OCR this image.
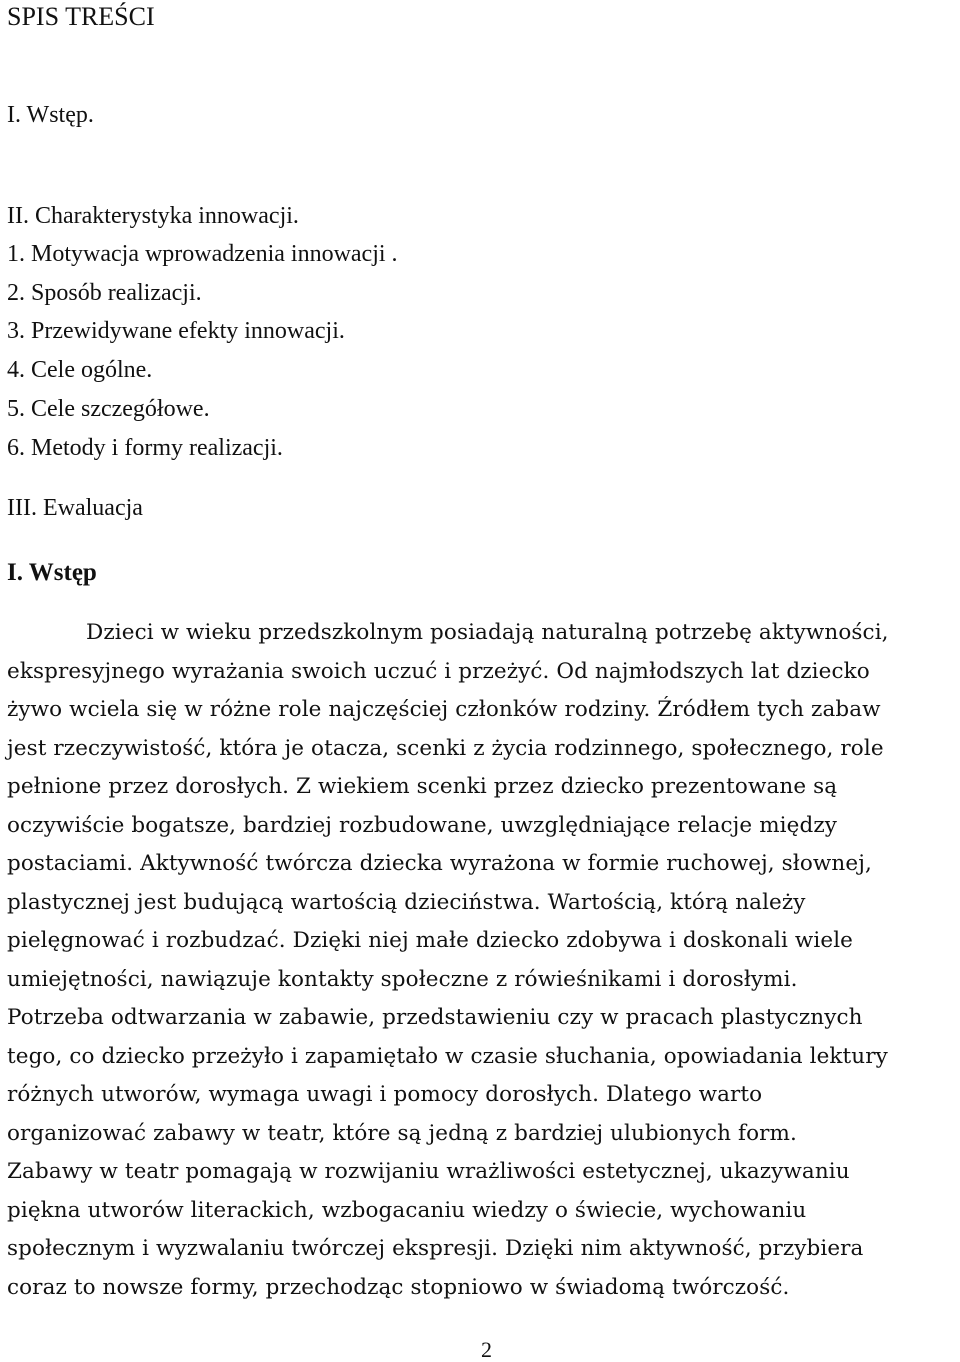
SPIS TREŚCI
I. Wstęp.
II. Charakterystyka innowacji.
1. Motywacja wprowadzenia innowacji .
2. Sposób realizacji.
3. Przewidywane efekty innowacji.
4. Cele ogólne.
5. Cele szczegółowe.
6. Metody i formy realizacji.
III. Ewaluacja
I. Wstęp
Dzieci w wieku przedszkolnym posiadają naturalną potrzebę aktywności,
ekspresyjnego wyrażania swoich uczuć i przeżyć. Od najmłodszych lat dziecko
żywo wciela się w różne role najczęściej członków rodziny. Źródłem tych zabaw
jest rzeczywistość, która je otacza, scenki z życia rodzinnego, społecznego, role
pełnione przez dorosłych. Z wiekiem scenki przez dziecko prezentowane są
oczywiście bogatsze, bardziej rozbudowane, uwzględniające relacje między
postaciami. Aktywność twórcza dziecka wyrażona w formie ruchowej, słownej,
plastycznej jest budującą wartością dzieciństwa. Wartością, którą należy
pielęgnować i rozbudzać. Dzięki niej małe dziecko zdobywa i doskonali wiele
umiejętności, nawiązuje kontakty społeczne z rówieśnikami i dorosłymi.
Potrzeba odtwarzania w zabawie, przedstawieniu czy w pracach plastycznych
tego, co dziecko przeżyło i zapamiętało w czasie słuchania, opowiadania lektury
różnych utworów, wymaga uwagi i pomocy dorosłych. Dlatego warto
organizować zabawy w teatr, które są jedną z bardziej ulubionych form.
Zabawy w teatr pomagają w rozwijaniu wrażliwości estetycznej, ukazywaniu
piękna utworów literackich, wzbogacaniu wiedzy o świecie, wychowaniu
społecznym i wyzwalaniu twórczej ekspresji. Dzięki nim aktywność, przybiera
coraz to nowsze formy, przechodząc stopniowo w świadomą twórczość.
2
